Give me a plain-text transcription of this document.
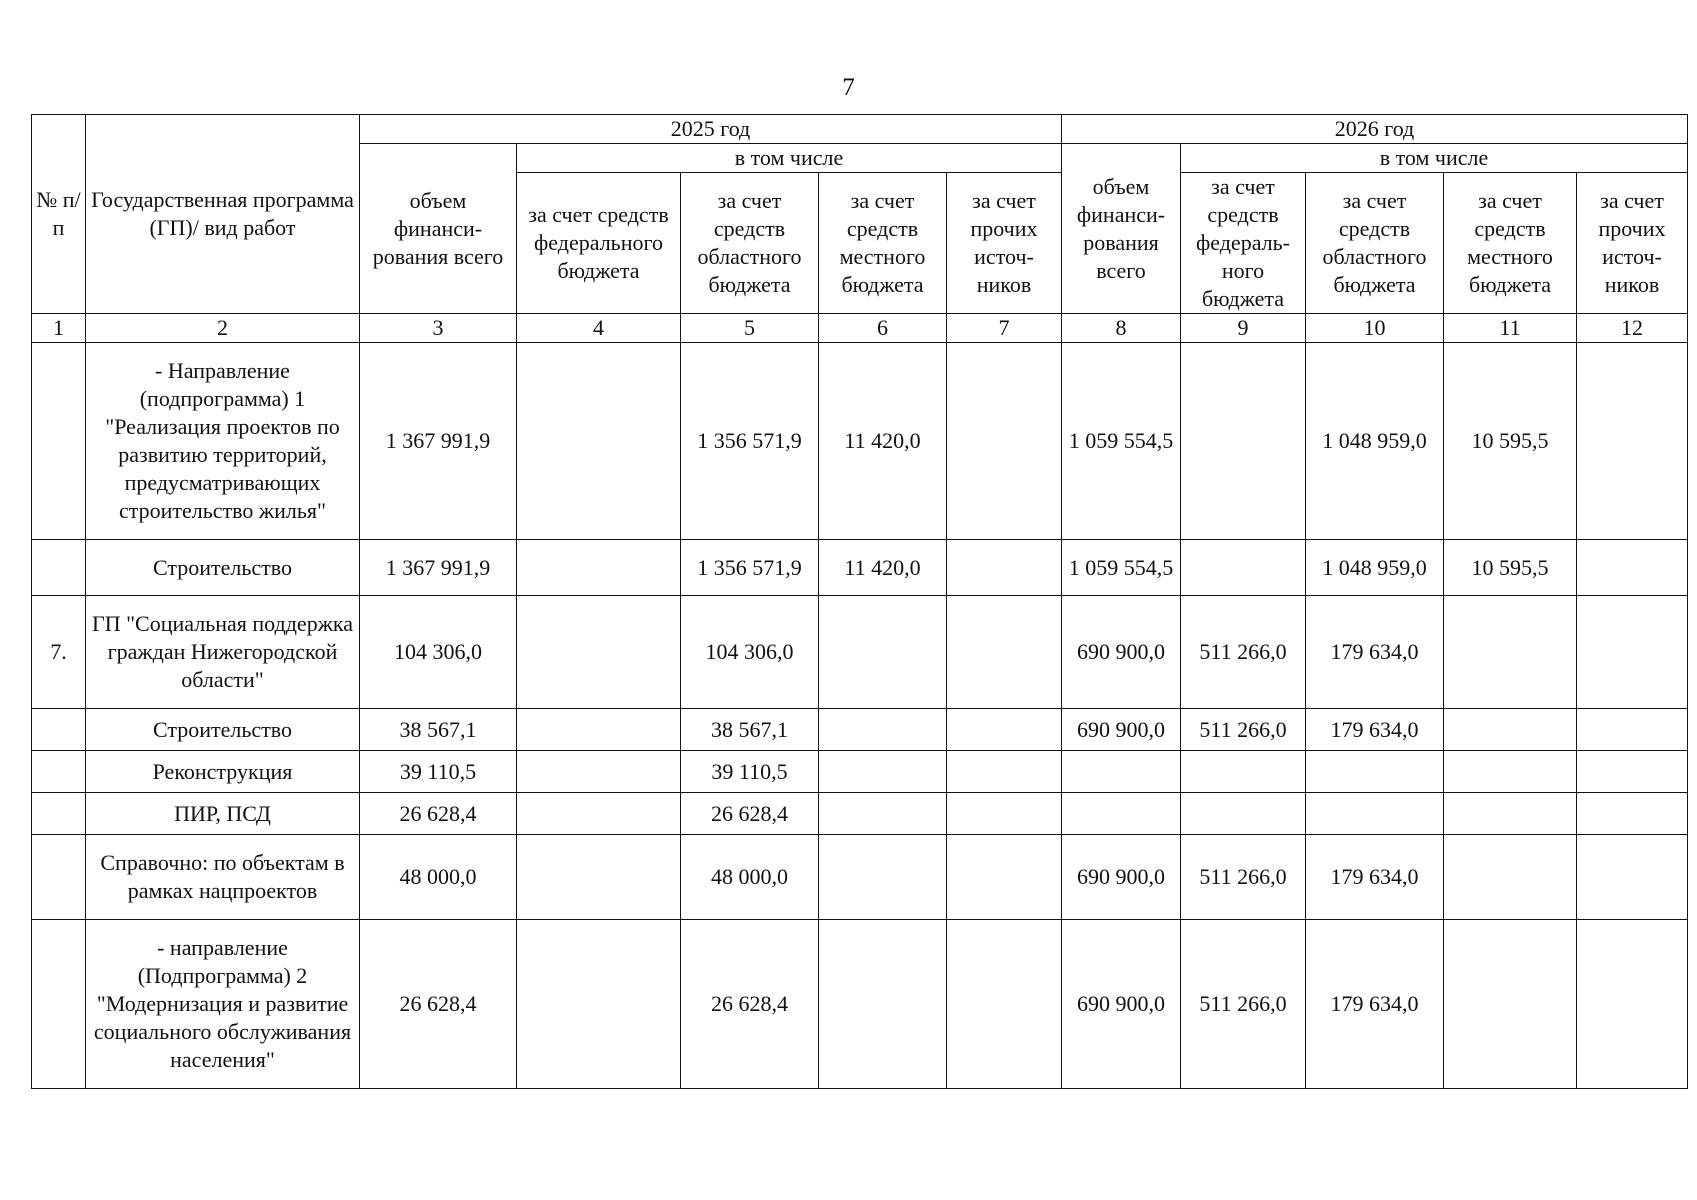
7
№ п/п	Государственная программа (ГП)/ вид работ	2025 год					2026 год				
		объем финанси-рования всего	в том числе				объем финанси-рования всего	в том числе			
			за счет средств федерального бюджета	за счет средств областного бюджета	за счет средств местного бюджета	за счет прочих источ-ников		за счет средств федераль-ного бюджета	за счет средств областного бюджета	за счет средств местного бюджета	за счет прочих источ-ников
1	2	3	4	5	6	7	8	9	10	11	12
	- Направление (подпрограмма) 1 "Реализация проектов по развитию территорий, предусматривающих строительство жилья"	1 367 991,9		1 356 571,9	11 420,0		1 059 554,5		1 048 959,0	10 595,5	
	Строительство	1 367 991,9		1 356 571,9	11 420,0		1 059 554,5		1 048 959,0	10 595,5	
7.	ГП "Социальная поддержка граждан Нижегородской области"	104 306,0		104 306,0			690 900,0	511 266,0	179 634,0		
	Строительство	38 567,1		38 567,1			690 900,0	511 266,0	179 634,0		
	Реконструкция	39 110,5		39 110,5							
	ПИР, ПСД	26 628,4		26 628,4							
	Справочно: по объектам в рамках нацпроектов	48 000,0		48 000,0			690 900,0	511 266,0	179 634,0		
	- направление (Подпрограмма) 2 "Модернизация и развитие социального обслуживания населения"	26 628,4		26 628,4			690 900,0	511 266,0	179 634,0		
